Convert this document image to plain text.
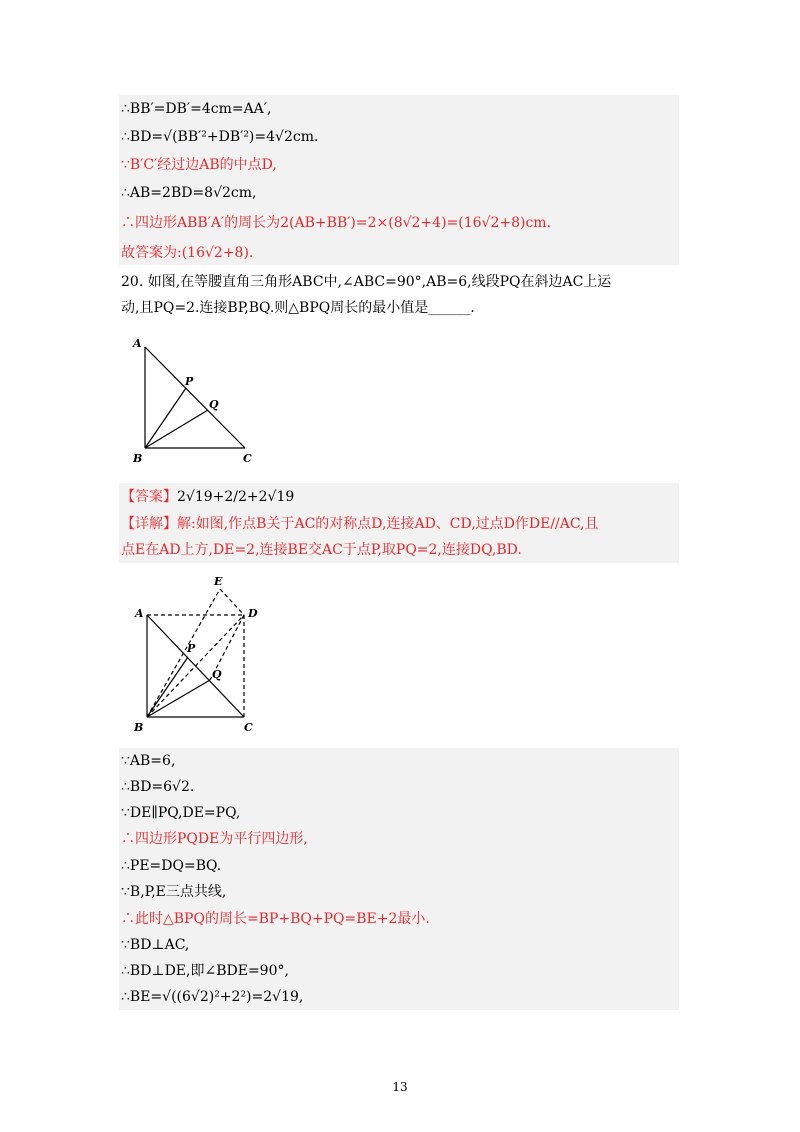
∴BB′=DB′=4cm=AA′,
∴BD=√(BB′²+DB′²)=4√2cm.
∵B′C′经过边AB的中点D,
∴AB=2BD=8√2cm,
∴四边形ABB′A′的周长为2(AB+BB′)=2×(8√2+4)=(16√2+8)cm.
故答案为:(16√2+8).
20. 如图,在等腰直角三角形ABC中,∠ABC=90°,AB=6,线段PQ在斜边AC上运
动,且PQ=2.连接BP,BQ.则△BPQ周长的最小值是______.
A
B	C
P
Q
【答案】2√19+2/2+2√19
【详解】解:如图,作点B关于AC的对称点D,连接AD、CD,过点D作DE//AC,且
点E在AD上方,DE=2,连接BE交AC于点P,取PQ=2,连接DQ,BD.
A
B	C
D
E
P
Q
∵AB=6,
∴BD=6√2.
∵DE∥PQ,DE=PQ,
∴四边形PQDE为平行四边形,
∴PE=DQ=BQ.
∵B,P,E三点共线,
∴此时△BPQ的周长=BP+BQ+PQ=BE+2最小.
∵BD⊥AC,
∴BD⊥DE,即∠BDE=90°,
∴BE=√((6√2)²+2²)=2√19,
13
